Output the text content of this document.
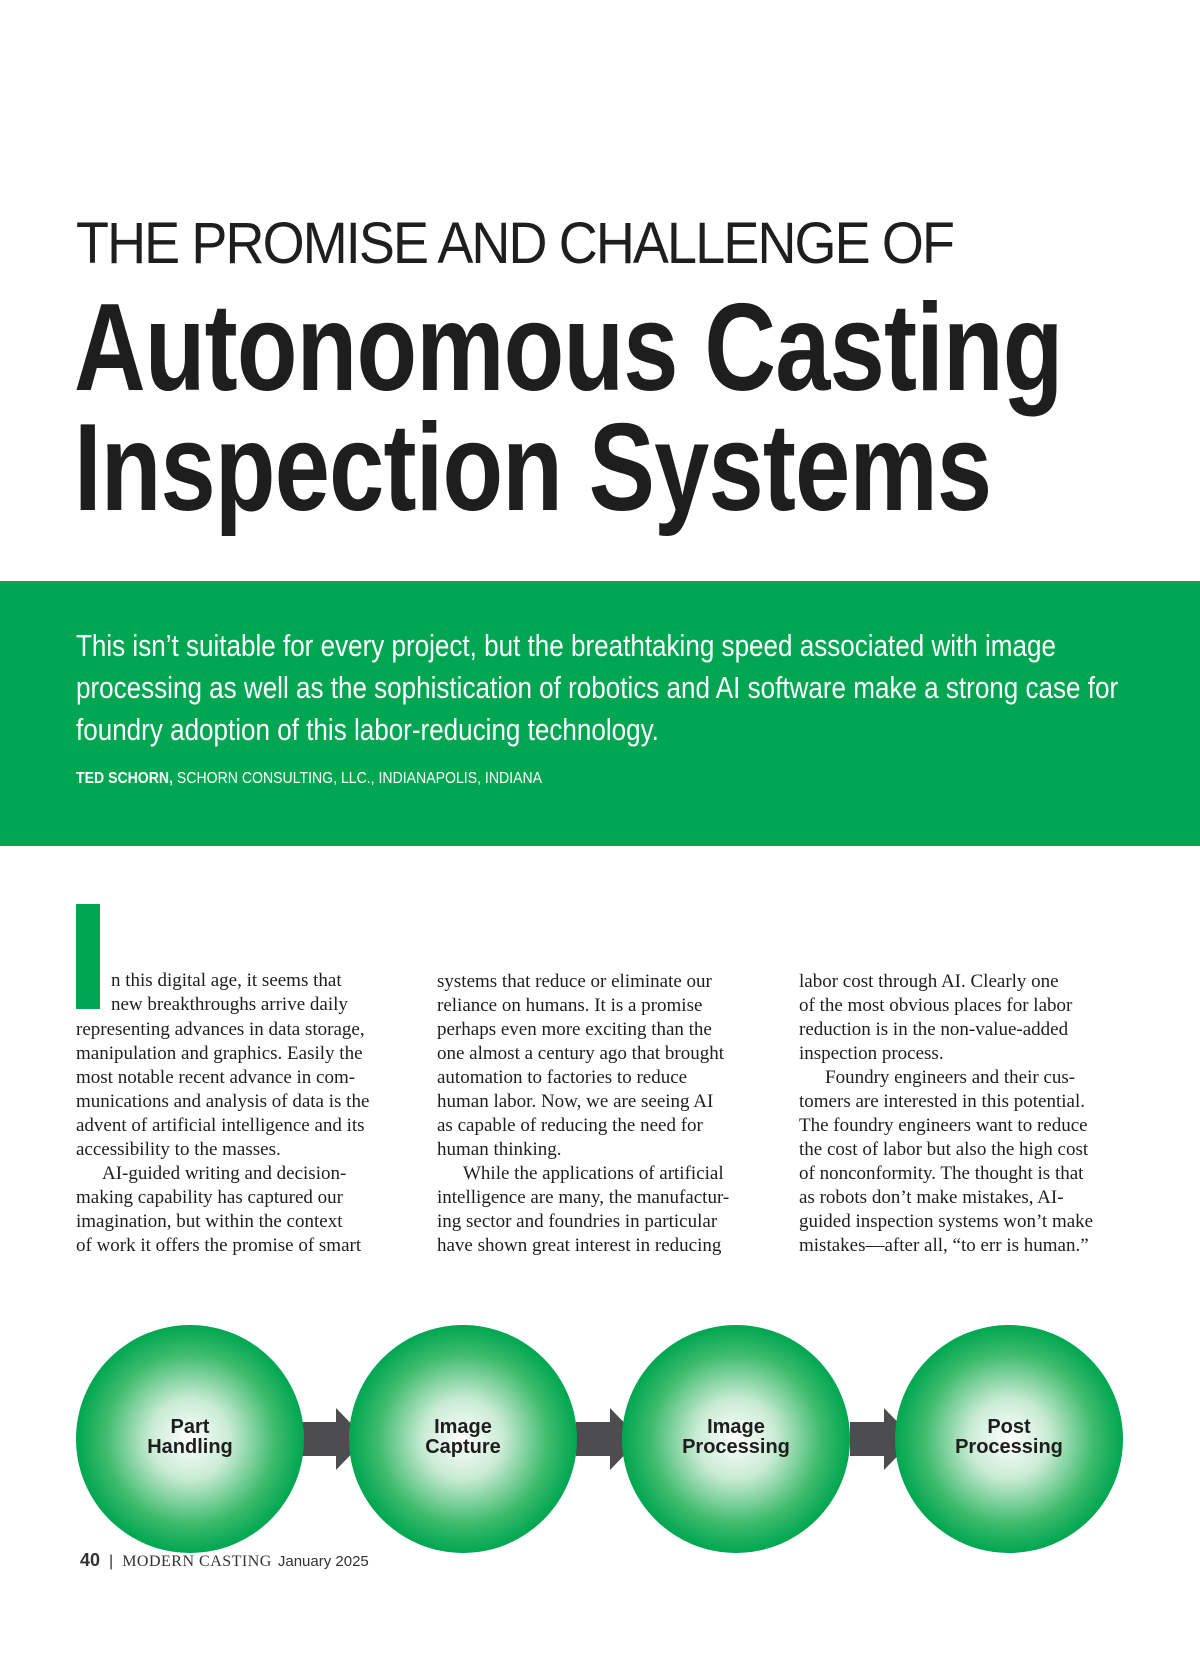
THE PROMISE AND CHALLENGE OF
Autonomous Casting
Inspection Systems

This isn’t suitable for every project, but the breathtaking speed associated with image processing as well as the sophistication of robotics and AI software make a strong case for foundry adoption of this labor-reducing technology.

TED SCHORN, SCHORN CONSULTING, LLC., INDIANAPOLIS, INDIANA
n this digital age, it seems that
new breakthroughs arrive daily

representing advances in data storage,

manipulation and graphics. Easily the

most notable recent advance in com-

munications and analysis of data is the

advent of artificial intelligence and its

accessibility to the masses.

AI-guided writing and decision-

making capability has captured our

imagination, but within the context

of work it offers the promise of smart

systems that reduce or eliminate our

reliance on humans. It is a promise

perhaps even more exciting than the

one almost a century ago that brought

automation to factories to reduce

human labor. Now, we are seeing AI

as capable of reducing the need for

human thinking.

While the applications of artificial

intelligence are many, the manufactur-

ing sector and foundries in particular

have shown great interest in reducing

labor cost through AI. Clearly one

of the most obvious places for labor

reduction is in the non-value-added

inspection process.

Foundry engineers and their cus-

tomers are interested in this potential.

The foundry engineers want to reduce

the cost of labor but also the high cost

of nonconformity. The thought is that

as robots don’t make mistakes, AI-

guided inspection systems won’t make

mistakes—after all, “to err is human.”

Part
Handling
Image
Capture
Image
Processing
Post
Processing
40 | MODERN CASTING January 2025
